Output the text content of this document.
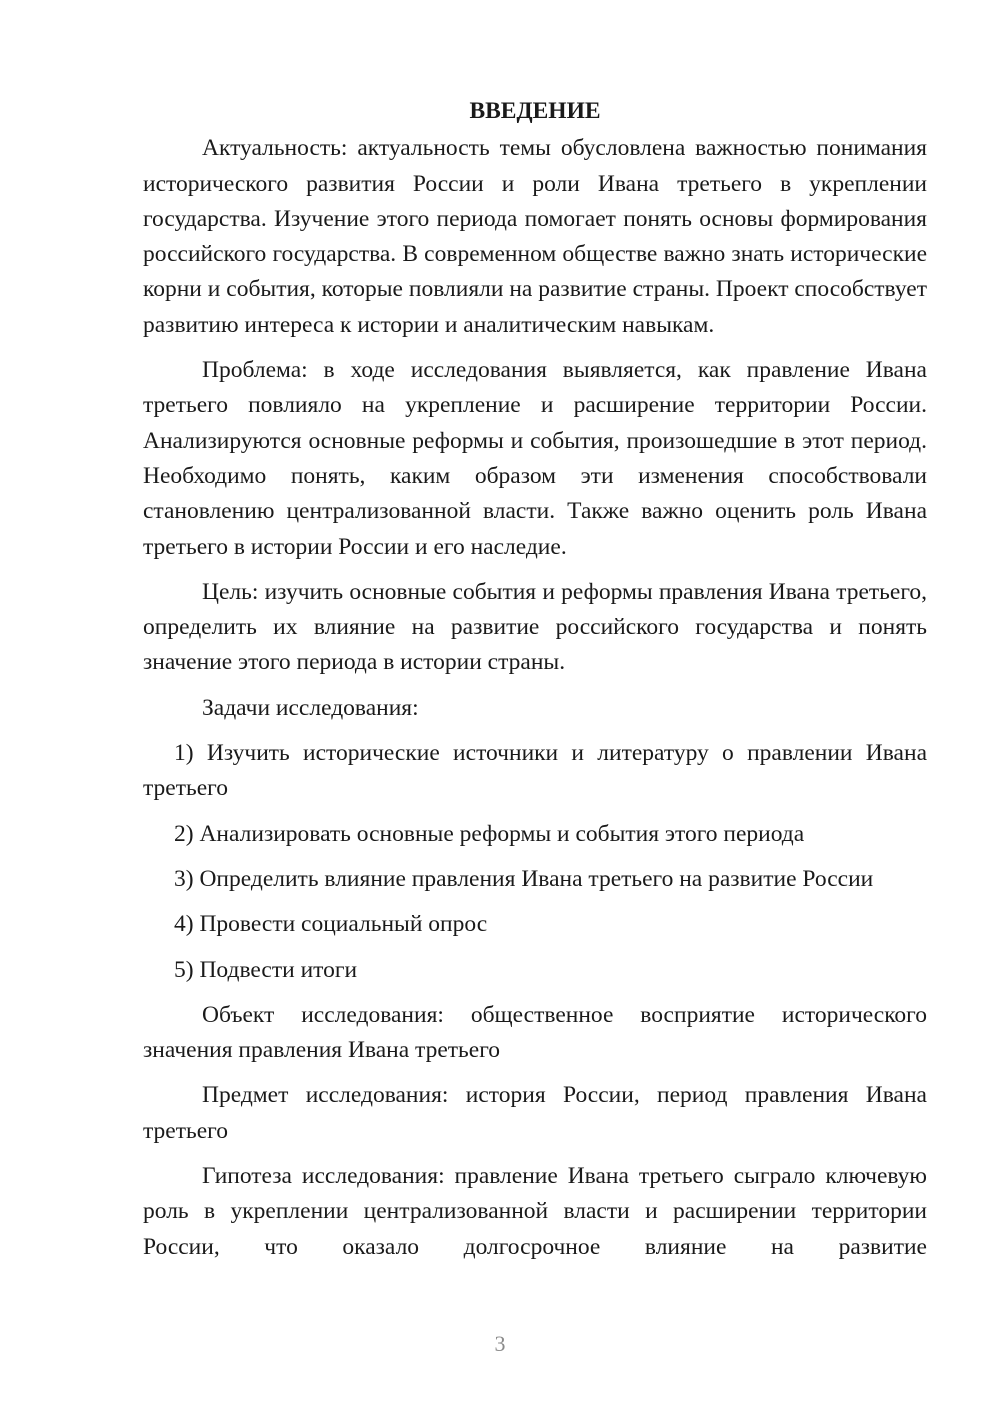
ВВЕДЕНИЕ

Актуальность: актуальность темы обусловлена важностью понимания исторического развития России и роли Ивана третьего в укреплении государства. Изучение этого периода помогает понять основы формирования российского государства. В современном обществе важно знать исторические корни и события, которые повлияли на развитие страны. Проект способствует развитию интереса к истории и аналитическим навыкам.

Проблема: в ходе исследования выявляется, как правление Ивана третьего повлияло на укрепление и расширение территории России. Анализируются основные реформы и события, произошедшие в этот период. Необходимо понять, каким образом эти изменения способствовали становлению централизованной власти. Также важно оценить роль Ивана третьего в истории России и его наследие.

Цель: изучить основные события и реформы правления Ивана третьего, определить их влияние на развитие российского государства и понять значение этого периода в истории страны.

Задачи исследования:

1) Изучить исторические источники и литературу о правлении Ивана третьего

2) Анализировать основные реформы и события этого периода

3) Определить влияние правления Ивана третьего на развитие России

4) Провести социальный опрос

5) Подвести итоги

Объект исследования: общественное восприятие исторического значения правления Ивана третьего

Предмет исследования: история России, период правления Ивана третьего

Гипотеза исследования: правление Ивана третьего сыграло ключевую роль в укреплении централизованной власти и расширении территории России, что оказало долгосрочное влияние на развитие

3
